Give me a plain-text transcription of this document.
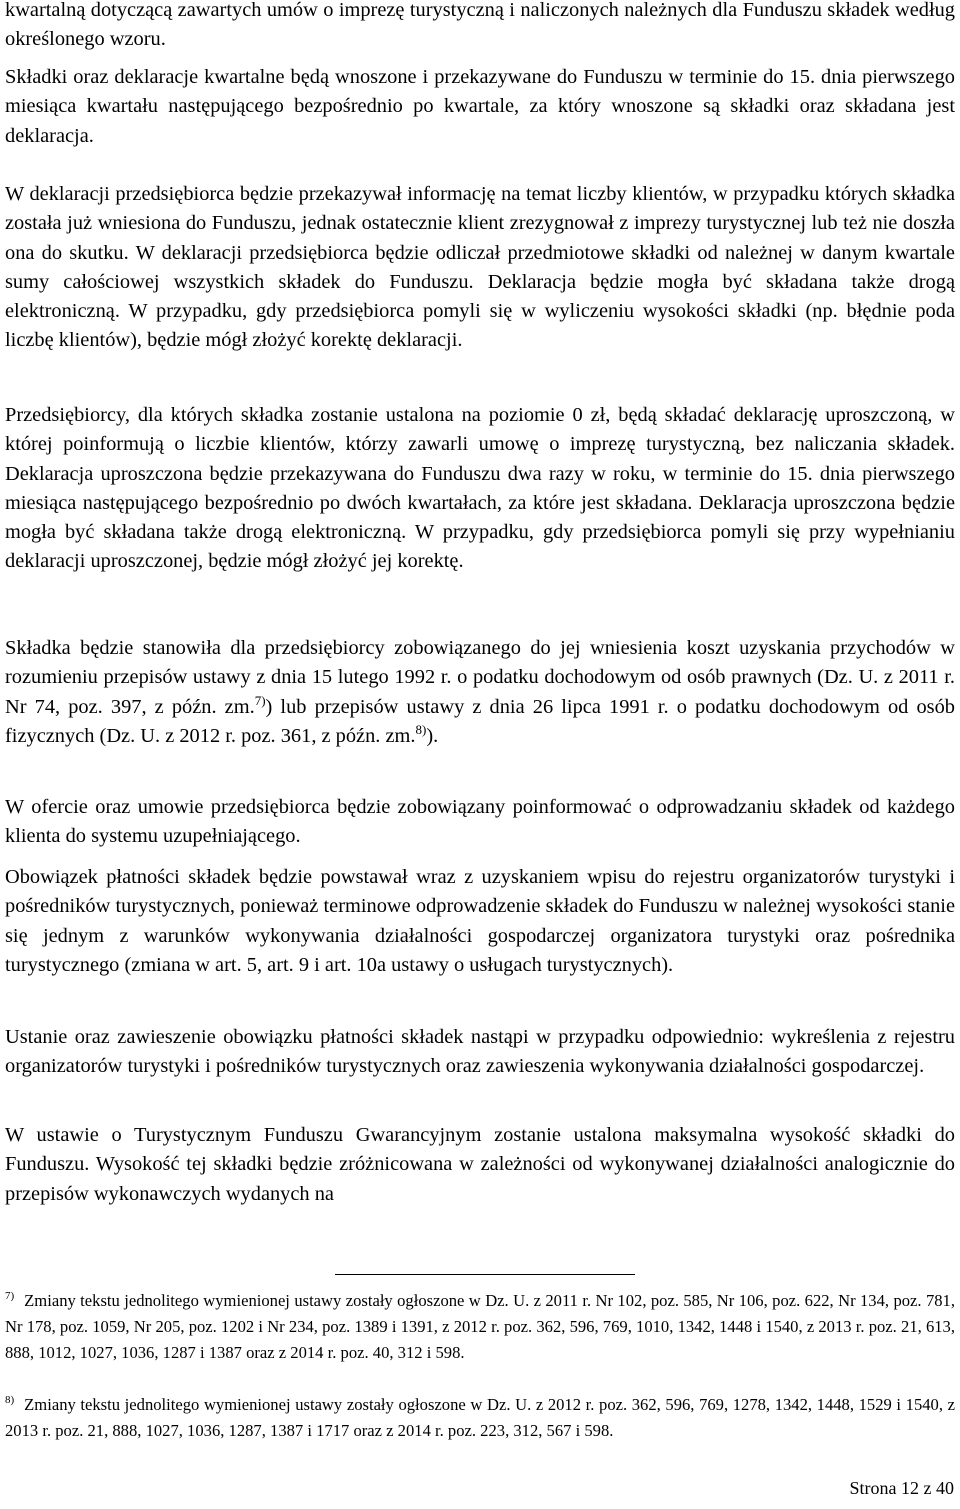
kwartalną dotyczącą zawartych umów o imprezę turystyczną i naliczonych należnych dla Funduszu składek według określonego wzoru.

Składki oraz deklaracje kwartalne będą wnoszone i przekazywane do Funduszu w terminie do 15. dnia pierwszego miesiąca kwartału następującego bezpośrednio po kwartale, za który wnoszone są składki oraz składana jest deklaracja.

W deklaracji przedsiębiorca będzie przekazywał informację na temat liczby klientów, w przypadku których składka została już wniesiona do Funduszu, jednak ostatecznie klient zrezygnował z imprezy turystycznej lub też nie doszła ona do skutku. W deklaracji przedsiębiorca będzie odliczał przedmiotowe składki od należnej w danym kwartale sumy całościowej wszystkich składek do Funduszu. Deklaracja będzie mogła być składana także drogą elektroniczną. W przypadku, gdy przedsiębiorca pomyli się w wyliczeniu wysokości składki (np. błędnie poda liczbę klientów), będzie mógł złożyć korektę deklaracji.

Przedsiębiorcy, dla których składka zostanie ustalona na poziomie 0 zł, będą składać deklarację uproszczoną, w której poinformują o liczbie klientów, którzy zawarli umowę o imprezę turystyczną, bez naliczania składek. Deklaracja uproszczona będzie przekazywana do Funduszu dwa razy w roku, w terminie do 15. dnia pierwszego miesiąca następującego bezpośrednio po dwóch kwartałach, za które jest składana. Deklaracja uproszczona będzie mogła być składana także drogą elektroniczną. W przypadku, gdy przedsiębiorca pomyli się przy wypełnianiu deklaracji uproszczonej, będzie mógł złożyć jej korektę.

Składka będzie stanowiła dla przedsiębiorcy zobowiązanego do jej wniesienia koszt uzyskania przychodów w rozumieniu przepisów ustawy z dnia 15 lutego 1992 r. o podatku dochodowym od osób prawnych (Dz. U. z 2011 r. Nr 74, poz. 397, z późn. zm.$^{7)}$) lub przepisów ustawy z dnia 26 lipca 1991 r. o podatku dochodowym od osób fizycznych (Dz. U. z 2012 r. poz. 361, z późn. zm.$^{8)}$).

W ofercie oraz umowie przedsiębiorca będzie zobowiązany poinformować o odprowadzaniu składek od każdego klienta do systemu uzupełniającego.

Obowiązek płatności składek będzie powstawał wraz z uzyskaniem wpisu do rejestru organizatorów turystyki i pośredników turystycznych, ponieważ terminowe odprowadzenie składek do Funduszu w należnej wysokości stanie się jednym z warunków wykonywania działalności gospodarczej organizatora turystyki oraz pośrednika turystycznego (zmiana w art. 5, art. 9 i art. 10a ustawy o usługach turystycznych).

Ustanie oraz zawieszenie obowiązku płatności składek nastąpi w przypadku odpowiednio: wykreślenia z rejestru organizatorów turystyki i pośredników turystycznych oraz zawieszenia wykonywania działalności gospodarczej.

W ustawie o Turystycznym Funduszu Gwarancyjnym zostanie ustalona maksymalna wysokość składki do Funduszu. Wysokość tej składki będzie zróżnicowana w zależności od wykonywanej działalności analogicznie do przepisów wykonawczych wydanych na

$^{7)}$ Zmiany tekstu jednolitego wymienionej ustawy zostały ogłoszone w Dz. U. z 2011 r. Nr 102, poz. 585, Nr 106, poz. 622, Nr 134, poz. 781, Nr 178, poz. 1059, Nr 205, poz. 1202 i Nr 234, poz. 1389 i 1391, z 2012 r. poz. 362, 596, 769, 1010, 1342, 1448 i 1540, z 2013 r. poz. 21, 613, 888, 1012, 1027, 1036, 1287 i 1387 oraz z 2014 r. poz. 40, 312 i 598.

$^{8)}$ Zmiany tekstu jednolitego wymienionej ustawy zostały ogłoszone w Dz. U. z 2012 r. poz. 362, 596, 769, 1278, 1342, 1448, 1529 i 1540, z 2013 r. poz. 21, 888, 1027, 1036, 1287, 1387 i 1717 oraz z 2014 r. poz. 223, 312, 567 i 598.

Strona 12 z 40
